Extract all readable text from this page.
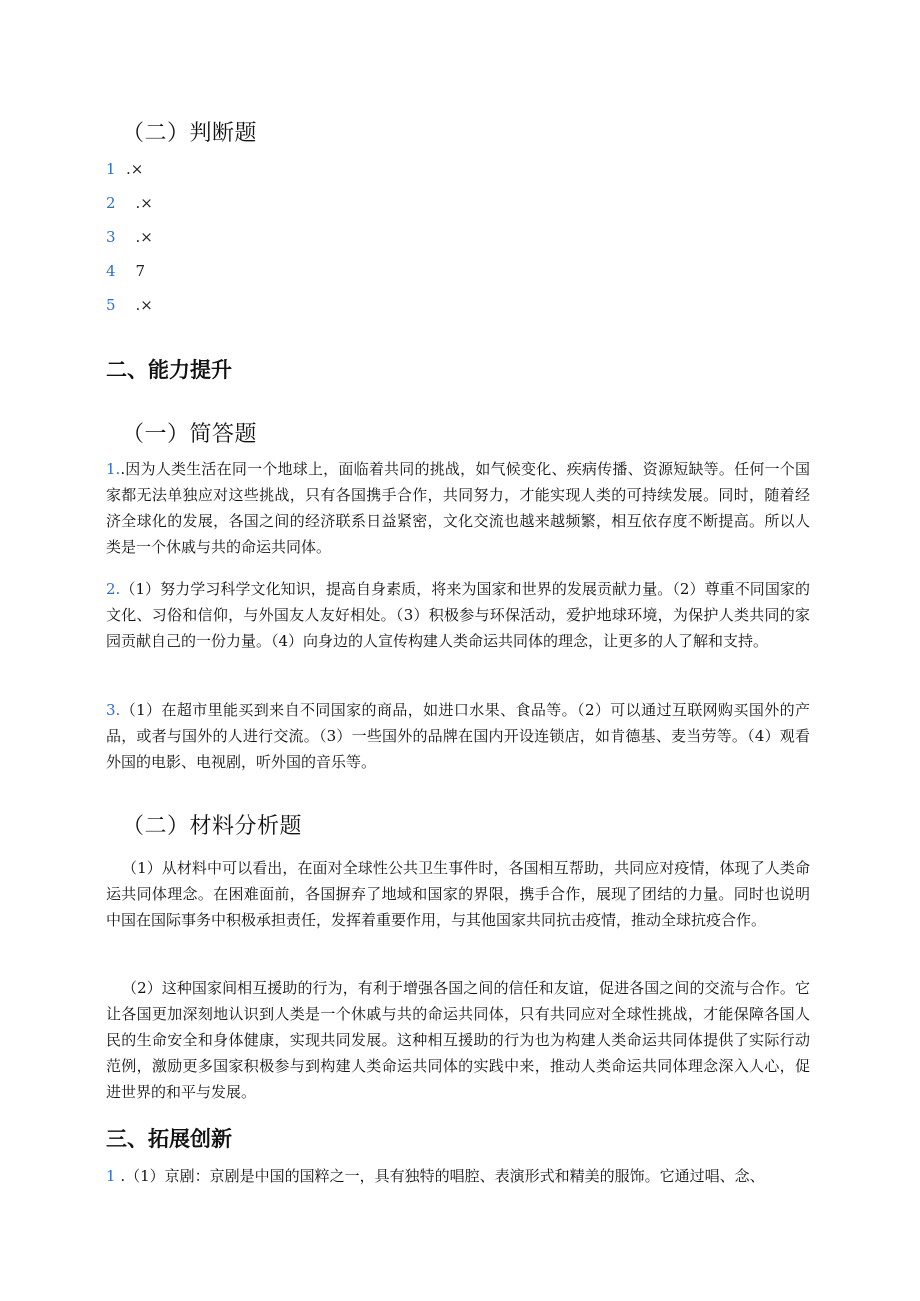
（二）判断题
1 .×
2  .×
3  .×
4  7
5  .×
二、能力提升
（一）简答题
1..因为人类生活在同一个地球上，面临着共同的挑战，如气候变化、疾病传播、资源短缺等。任何一个国家都无法单独应对这些挑战，只有各国携手合作，共同努力，才能实现人类的可持续发展。同时，随着经济全球化的发展，各国之间的经济联系日益紧密，文化交流也越来越频繁，相互依存度不断提高。所以人类是一个休戚与共的命运共同体。
2.（1）努力学习科学文化知识，提高自身素质，将来为国家和世界的发展贡献力量。（2）尊重不同国家的文化、习俗和信仰，与外国友人友好相处。（3）积极参与环保活动，爱护地球环境，为保护人类共同的家园贡献自己的一份力量。（4）向身边的人宣传构建人类命运共同体的理念，让更多的人了解和支持。
3.（1）在超市里能买到来自不同国家的商品，如进口水果、食品等。（2）可以通过互联网购买国外的产品，或者与国外的人进行交流。（3）一些国外的品牌在国内开设连锁店，如肯德基、麦当劳等。（4）观看外国的电影、电视剧，听外国的音乐等。
（二）材料分析题
（1）从材料中可以看出，在面对全球性公共卫生事件时，各国相互帮助，共同应对疫情，体现了人类命运共同体理念。在困难面前，各国摒弃了地域和国家的界限，携手合作，展现了团结的力量。同时也说明中国在国际事务中积极承担责任，发挥着重要作用，与其他国家共同抗击疫情，推动全球抗疫合作。
（2）这种国家间相互援助的行为，有利于增强各国之间的信任和友谊，促进各国之间的交流与合作。它让各国更加深刻地认识到人类是一个休戚与共的命运共同体，只有共同应对全球性挑战，才能保障各国人民的生命安全和身体健康，实现共同发展。这种相互援助的行为也为构建人类命运共同体提供了实际行动范例，激励更多国家积极参与到构建人类命运共同体的实践中来，推动人类命运共同体理念深入人心，促进世界的和平与发展。
三、拓展创新
1 .（1）京剧：京剧是中国的国粹之一，具有独特的唱腔、表演形式和精美的服饰。它通过唱、念、
